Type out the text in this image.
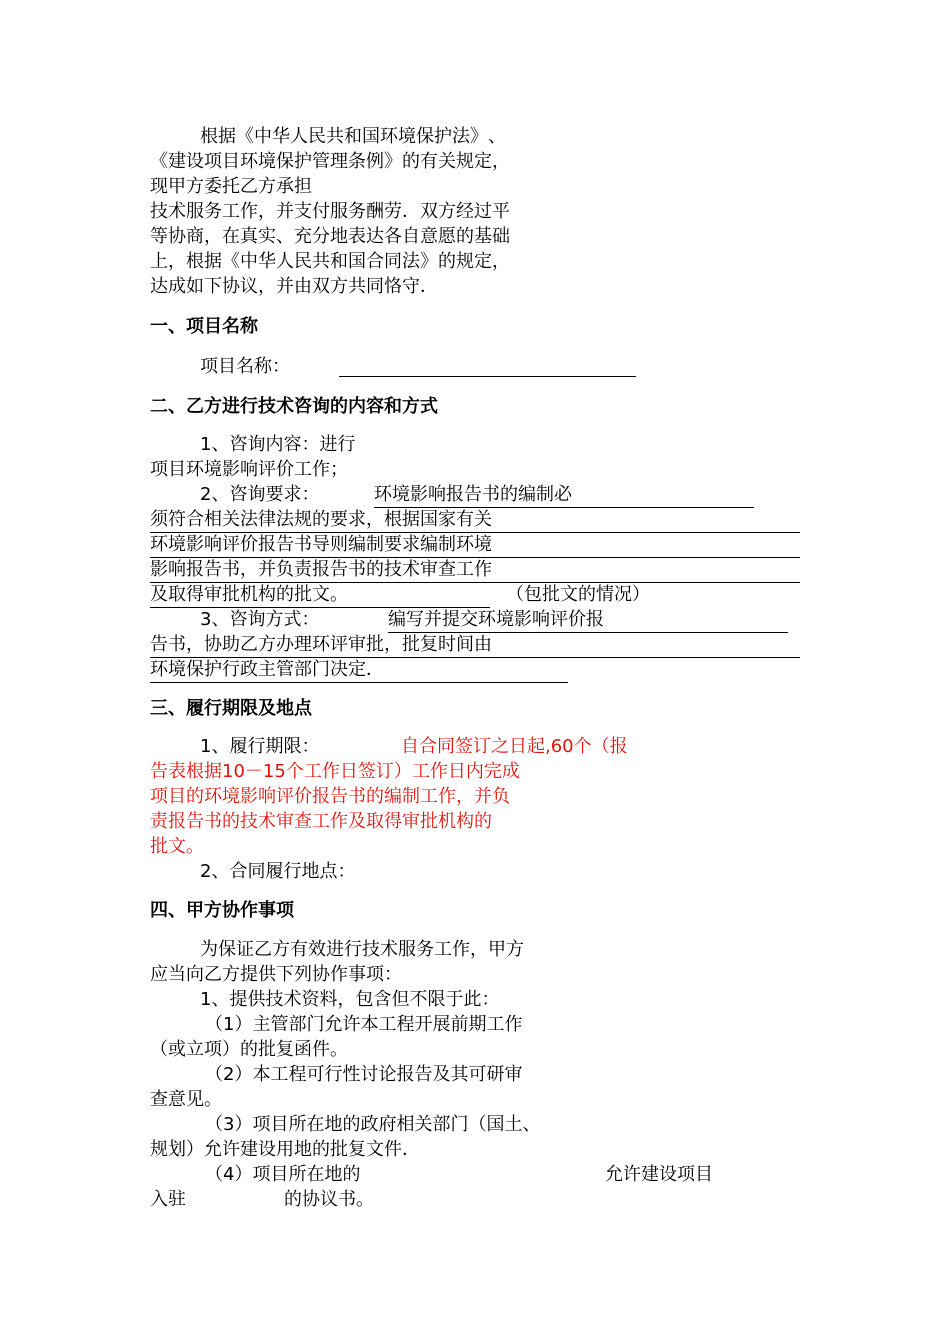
根据《中华人民共和国环境保护法》、
《建设项目环境保护管理条例》的有关规定，
现甲方委托乙方承担
技术服务工作，并支付服务酬劳．双方经过平
等协商，在真实、充分地表达各自意愿的基础
上，根据《中华人民共和国合同法》的规定，
达成如下协议，并由双方共同恪守．
一、项目名称
项目名称：
二、乙方进行技术咨询的内容和方式
1、咨询内容：进行
项目环境影响评价工作；
2、咨询要求：	环境影响报告书的编制必
须符合相关法律法规的要求，根据国家有关
环境影响评价报告书导则编制要求编制环境
影响报告书，并负责报告书的技术审查工作
及取得审批机构的批文。	（包批文的情况）
3、咨询方式：	编写并提交环境影响评价报
告书，协助乙方办理环评审批，批复时间由
环境保护行政主管部门决定．
三、履行期限及地点
1、履行期限：	自合同签订之日起,60个（报
告表根据10－15个工作日签订）工作日内完成
项目的环境影响评价报告书的编制工作，并负
责报告书的技术审查工作及取得审批机构的
批文。
2、合同履行地点：
四、甲方协作事项
为保证乙方有效进行技术服务工作，甲方
应当向乙方提供下列协作事项：
1、提供技术资料，包含但不限于此：
（1）主管部门允许本工程开展前期工作
（或立项）的批复函件。
（2）本工程可行性讨论报告及其可研审
查意见。
（3）项目所在地的政府相关部门（国土、
规划）允许建设用地的批复文件．
（4）项目所在地的	允许建设项目
入驻	的协议书。
